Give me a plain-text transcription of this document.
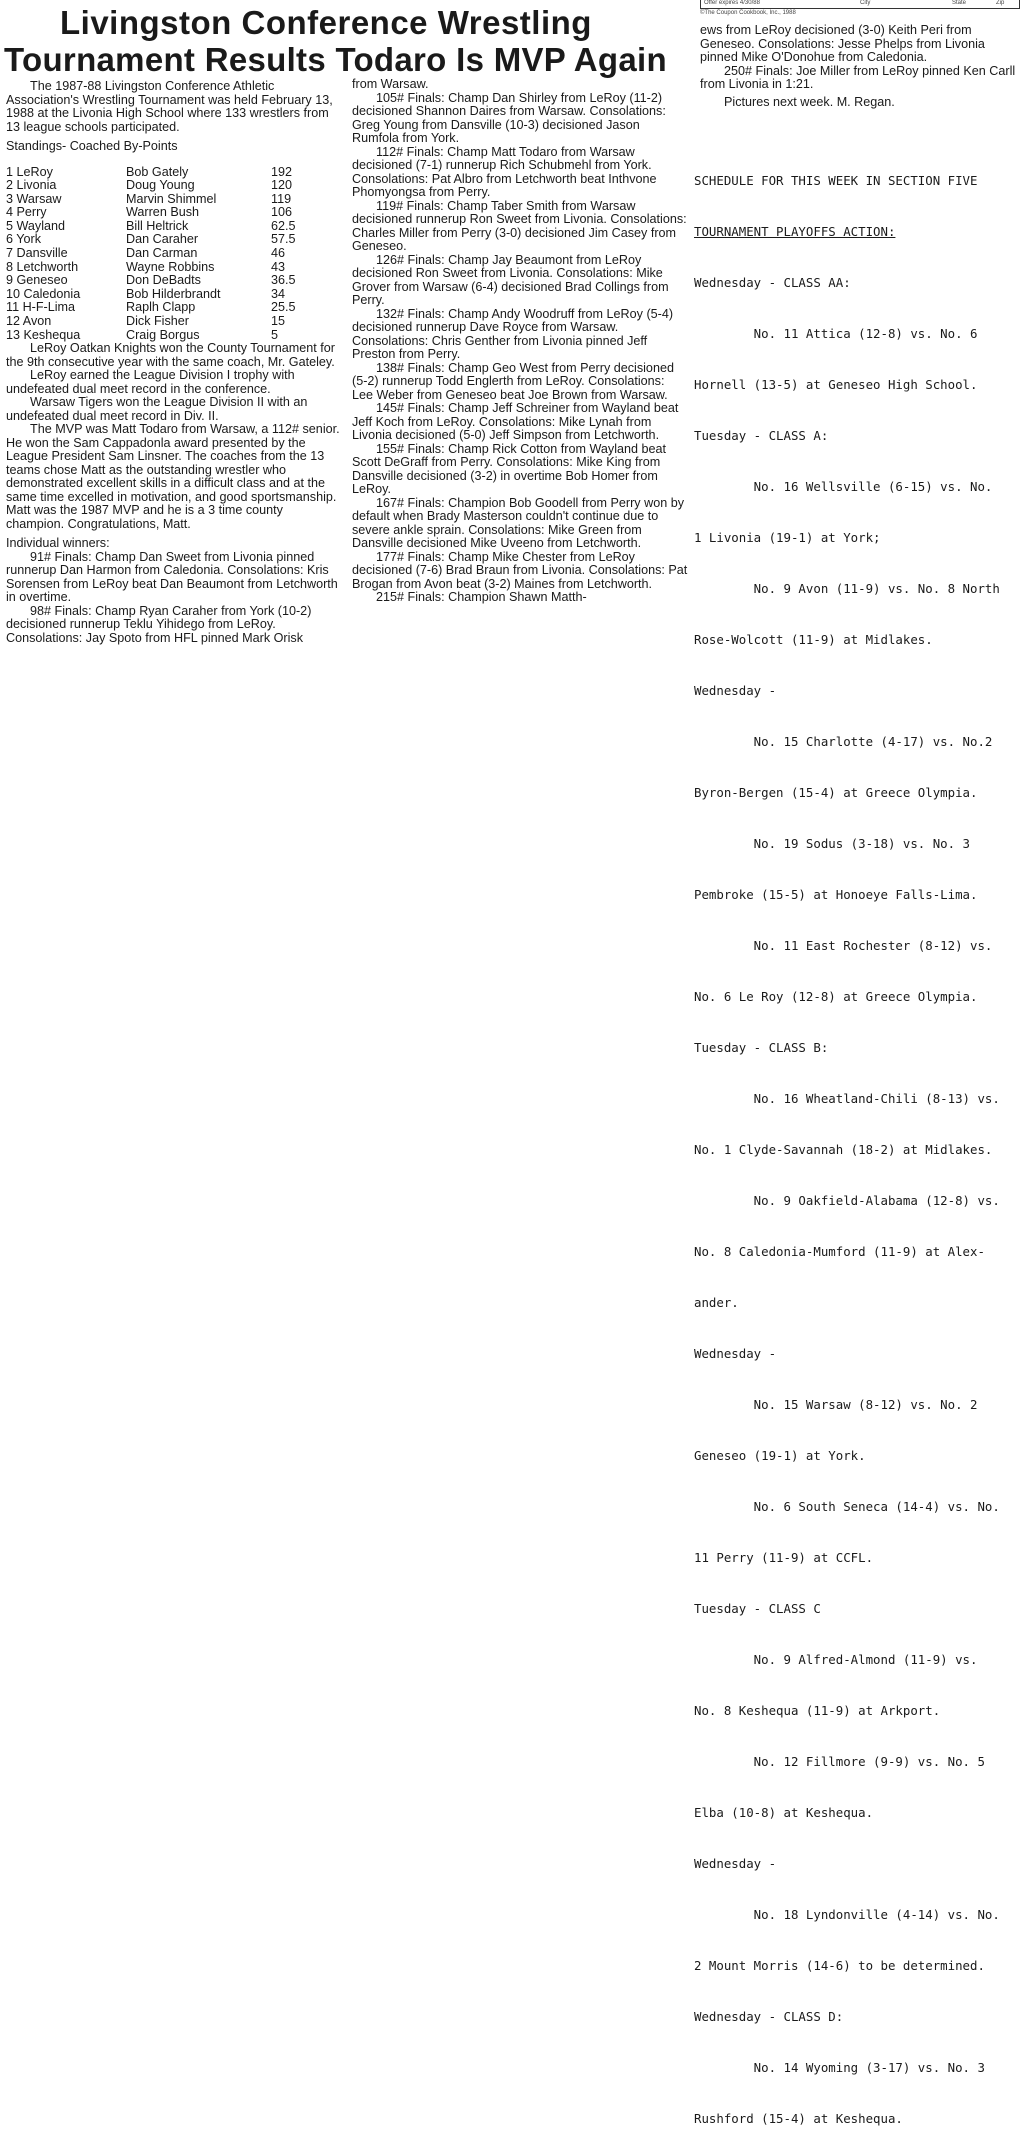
Offer expires 4/30/88	City	State	Zip
©The Coupon Cookbook, Inc., 1988
Livingston Conference Wrestling
Tournament Results Todaro Is MVP Again

The 1987-88 Livingston Conference Athletic Association's Wrestling Tournament was held February 13, 1988 at the Livonia High School where 133 wrestlers from 13 league schools participated.

Standings- Coached By-Points

1 LeRoy	Bob Gately	192
2 Livonia	Doug Young	120
3 Warsaw	Marvin Shimmel	119
4 Perry	Warren Bush	106
5 Wayland	Bill Heltrick	62.5
6 York	Dan Caraher	57.5
7 Dansville	Dan Carman	46
8 Letchworth	Wayne Robbins	43
9 Geneseo	Don DeBadts	36.5
10 Caledonia	Bob Hilderbrandt	34
11 H-F-Lima	Raplh Clapp	25.5
12 Avon	Dick Fisher	15
13 Keshequa	Craig Borgus	5

LeRoy Oatkan Knights won the County Tournament for the 9th consecutive year with the same coach, Mr. Gateley.

LeRoy earned the League Division I trophy with undefeated dual meet record in the conference.

Warsaw Tigers won the League Division II with an undefeated dual meet record in Div. II.

The MVP was Matt Todaro from Warsaw, a 112# senior. He won the Sam Cappadonla award presented by the League President Sam Linsner. The coaches from the 13 teams chose Matt as the outstanding wrestler who demonstrated excellent skills in a difficult class and at the same time excelled in motivation, and good sportsmanship. Matt was the 1987 MVP and he is a 3 time county champion. Congratulations, Matt.

Individual winners:

91# Finals: Champ Dan Sweet from Livonia pinned runnerup Dan Harmon from Caledonia. Consolations: Kris Sorensen from LeRoy beat Dan Beaumont from Letchworth in overtime.

98# Finals: Champ Ryan Caraher from York (10-2) decisioned runnerup Teklu Yihidego from LeRoy. Consolations: Jay Spoto from HFL pinned Mark Orisk

from Warsaw.

105# Finals: Champ Dan Shirley from LeRoy (11-2) decisioned Shannon Daires from Warsaw. Consolations: Greg Young from Dansville (10-3) decisioned Jason Rumfola from York.

112# Finals: Champ Matt Todaro from Warsaw decisioned (7-1) runnerup Rich Schubmehl from York. Consolations: Pat Albro from Letchworth beat Inthvone Phomyongsa from Perry.

119# Finals: Champ Taber Smith from Warsaw decisioned runnerup Ron Sweet from Livonia. Consolations: Charles Miller from Perry (3-0) decisioned Jim Casey from Geneseo.

126# Finals: Champ Jay Beaumont from LeRoy decisioned Ron Sweet from Livonia. Consolations: Mike Grover from Warsaw (6-4) decisioned Brad Collings from Perry.

132# Finals: Champ Andy Woodruff from LeRoy (5-4) decisioned runnerup Dave Royce from Warsaw. Consolations: Chris Genther from Livonia pinned Jeff Preston from Perry.

138# Finals: Champ Geo West from Perry decisioned (5-2) runnerup Todd Englerth from LeRoy. Consolations: Lee Weber from Geneseo beat Joe Brown from Warsaw.

145# Finals: Champ Jeff Schreiner from Wayland beat Jeff Koch from LeRoy. Consolations: Mike Lynah from Livonia decisioned (5-0) Jeff Simpson from Letchworth.

155# Finals: Champ Rick Cotton from Wayland beat Scott DeGraff from Perry. Consolations: Mike King from Dansville decisioned (3-2) in overtime Bob Homer from LeRoy.

167# Finals: Champion Bob Goodell from Perry won by default when Brady Masterson couldn't continue due to severe ankle sprain. Consolations: Mike Green from Dansville decisioned Mike Uveeno from Letchworth.

177# Finals: Champ Mike Chester from LeRoy decisioned (7-6) Brad Braun from Livonia. Consolations: Pat Brogan from Avon beat (3-2) Maines from Letchworth.

215# Finals: Champion Shawn Matth-

ews from LeRoy decisioned (3-0) Keith Peri from Geneseo. Consolations: Jesse Phelps from Livonia pinned Mike O'Donohue from Caledonia.

250# Finals: Joe Miller from LeRoy pinned Ken Carll from Livonia in 1:21.

Pictures next week. M. Regan.

SCHEDULE FOR THIS WEEK IN SECTION FIVE

TOURNAMENT PLAYOFFS ACTION:

Wednesday - CLASS AA:

No. 11 Attica (12-8) vs. No. 6

Hornell (13-5) at Geneseo High School.

Tuesday - CLASS A:

No. 16 Wellsville (6-15) vs. No.

1 Livonia (19-1) at York;

No. 9 Avon (11-9) vs. No. 8 North

Rose-Wolcott (11-9) at Midlakes.

Wednesday -

No. 15 Charlotte (4-17) vs. No.2

Byron-Bergen (15-4) at Greece Olympia.

No. 19 Sodus (3-18) vs. No. 3

Pembroke (15-5) at Honoeye Falls-Lima.

No. 11 East Rochester (8-12) vs.

No. 6 Le Roy (12-8) at Greece Olympia.

Tuesday - CLASS B:

No. 16 Wheatland-Chili (8-13) vs.

No. 1 Clyde-Savannah (18-2) at Midlakes.

No. 9 Oakfield-Alabama (12-8) vs.

No. 8 Caledonia-Mumford (11-9) at Alex-

ander.

Wednesday -

No. 15 Warsaw (8-12) vs. No. 2

Geneseo (19-1) at York.

No. 6 South Seneca (14-4) vs. No.

11 Perry (11-9) at CCFL.

Tuesday - CLASS C

No. 9 Alfred-Almond (11-9) vs.

No. 8 Keshequa (11-9) at Arkport.

No. 12 Fillmore (9-9) vs. No. 5

Elba (10-8) at Keshequa.

Wednesday -

No. 18 Lyndonville (4-14) vs. No.

2 Mount Morris (14-6) to be determined.

Wednesday - CLASS D:

No. 14 Wyoming (3-17) vs. No. 3

Rushford (15-4) at Keshequa.
